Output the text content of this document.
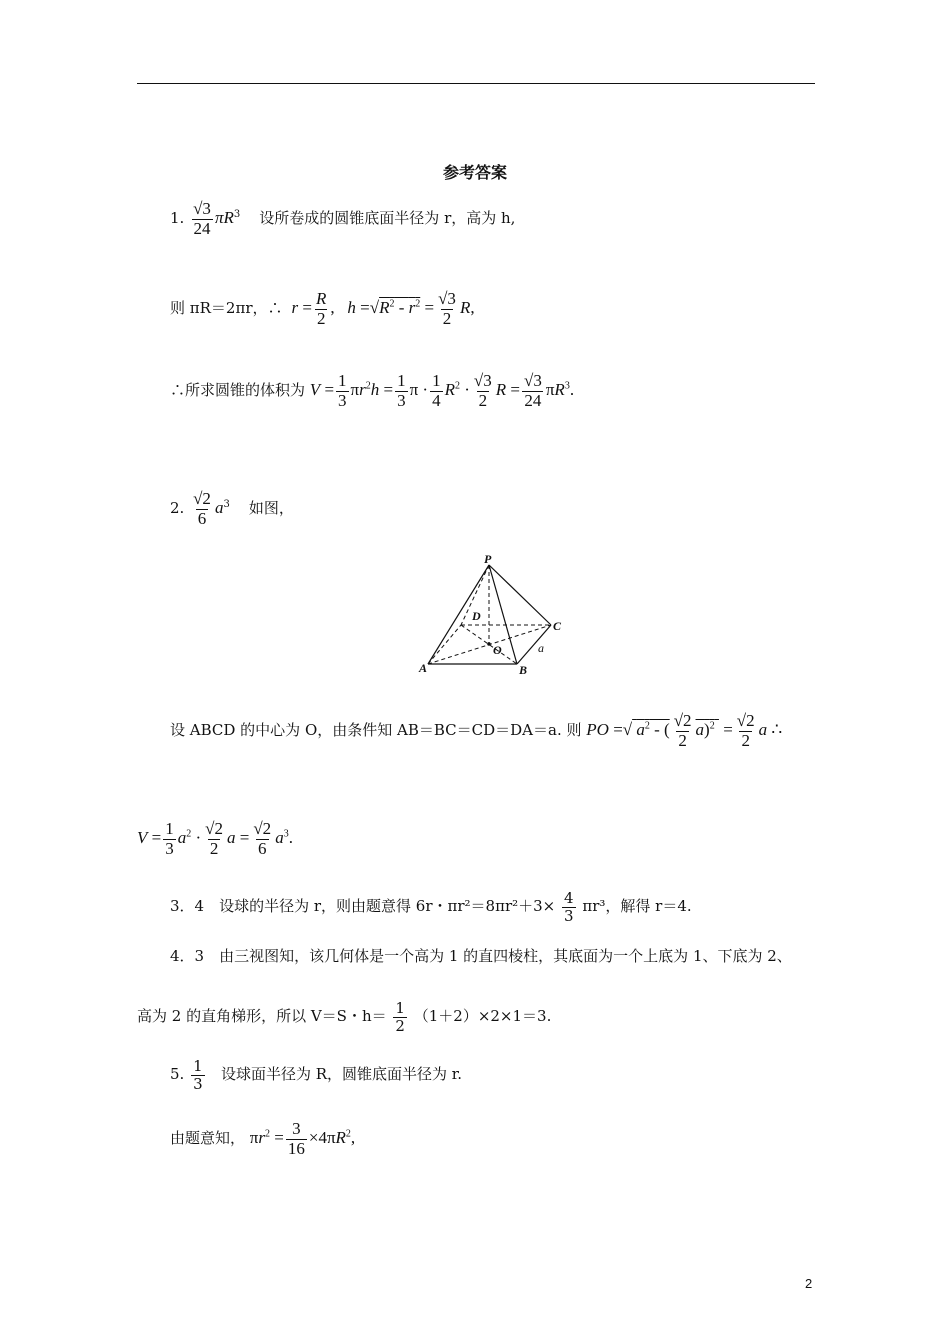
参考答案
1. $\frac{√3}{24} \pi R^3$ 设所卷成的圆锥底面半径为 r，高为 h,
则 πR＝2πr，∴ $r = \frac{R}{2}$ ,   $h =√R^2 - r^2 = \frac{√3}{2} R$,
∴所求圆锥的体积为 $V = \frac{1}{3} \pi r^2h = \frac{1}{3}$ $\pi \cdot \frac{1}{4} R^2 \cdot \frac{√3}{2}$ $R = \frac{√3}{24} \pi R^3$.
2. $\frac{√2}{6} a^3$ 如图，
P
D
C
O
A	B
a
设 ABCD 的中心为 O，由条件知 AB＝BC＝CD＝DA＝a. 则 PO =√ $a^2$ - ( $\frac{√2}{2} a)^2 = \frac{√2}{2}$ a ∴
$V = \frac{1}{3} a^2 \cdot \frac{√2}{2}$ $a = \frac{√2}{6} a^3$.
3．4　设球的半径为 r，则由题意得 6r・$\pi r^2=8\pi r^2+3\times \frac{4}{3} \pi r^3$，解得 r＝4.
4．3　由三视图知，该几何体是一个高为 1 的直四棱柱，其底面为一个上底为 1、下底为 2、
高为 2 的直角梯形，所以 V＝S・$h= \frac{1}{2} (1+2)\times 2\times 1=3$.
5. $\frac{1}{3}$ 设球面半径为 R，圆锥底面半径为 r.
由题意知， $\pi r^2 = \frac{3}{16} \times 4\pi R^2$,
2
